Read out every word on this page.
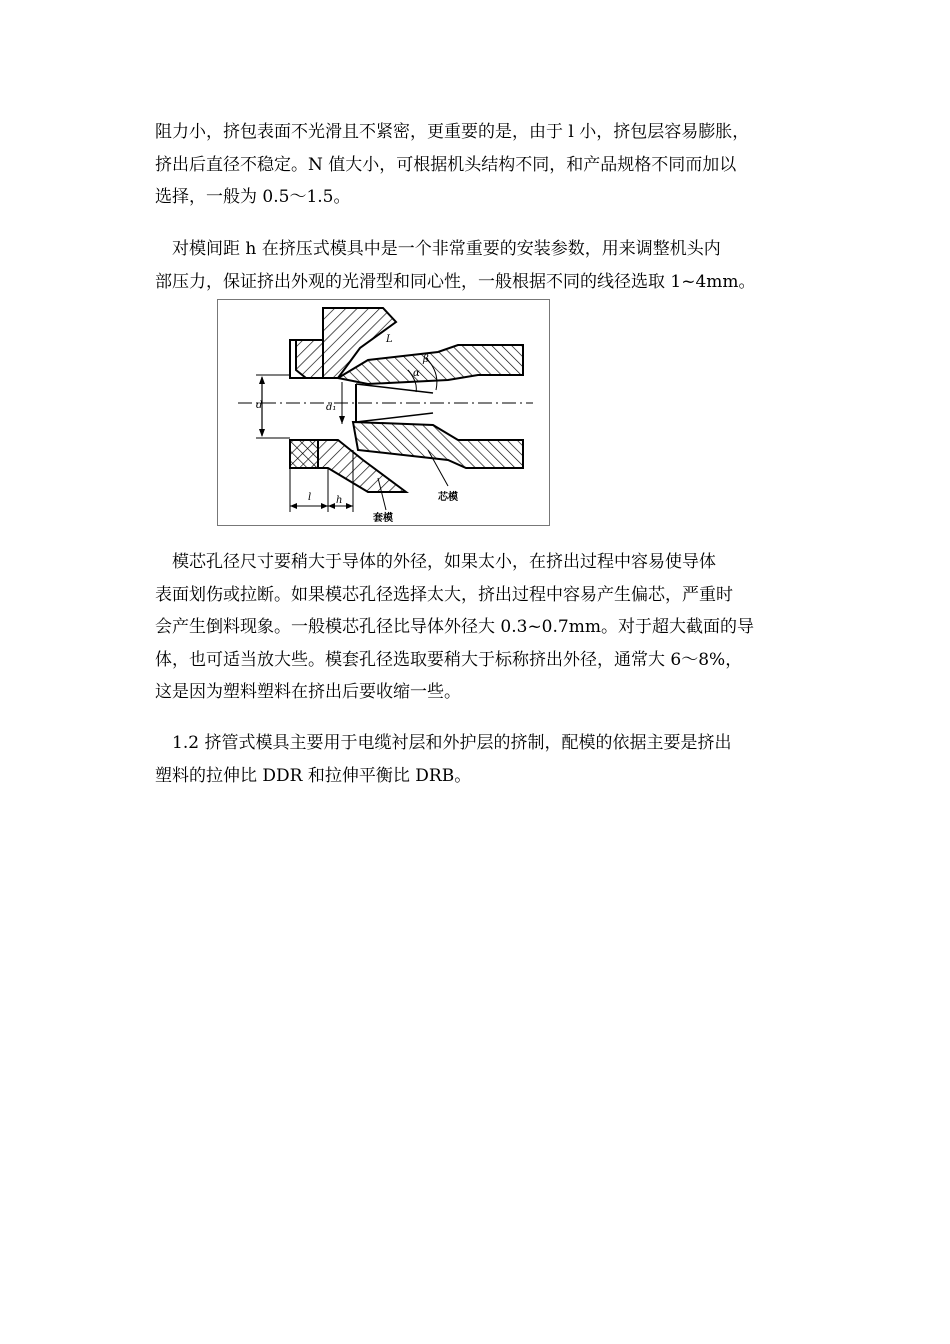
阻力小，挤包表面不光滑且不紧密，更重要的是，由于 l 小，挤包层容易膨胀，
挤出后直径不稳定。N 值大小，可根据机头结构不同，和产品规格不同而加以
选择，一般为 0.5～1.5。
　对模间距 h 在挤压式模具中是一个非常重要的安装参数，用来调整机头内
部压力，保证挤出外观的光滑型和同心性，一般根据不同的线径选取 1~4mm。
d	d₁
α
β
L
l h	芯模
套模
　模芯孔径尺寸要稍大于导体的外径，如果太小，在挤出过程中容易使导体
表面划伤或拉断。如果模芯孔径选择太大，挤出过程中容易产生偏芯，严重时
会产生倒料现象。一般模芯孔径比导体外径大 0.3~0.7mm。对于超大截面的导
体，也可适当放大些。模套孔径选取要稍大于标称挤出外径，通常大 6～8%，
这是因为塑料塑料在挤出后要收缩一些。
　1.2 挤管式模具主要用于电缆衬层和外护层的挤制，配模的依据主要是挤出
塑料的拉伸比 DDR 和拉伸平衡比 DRB。
